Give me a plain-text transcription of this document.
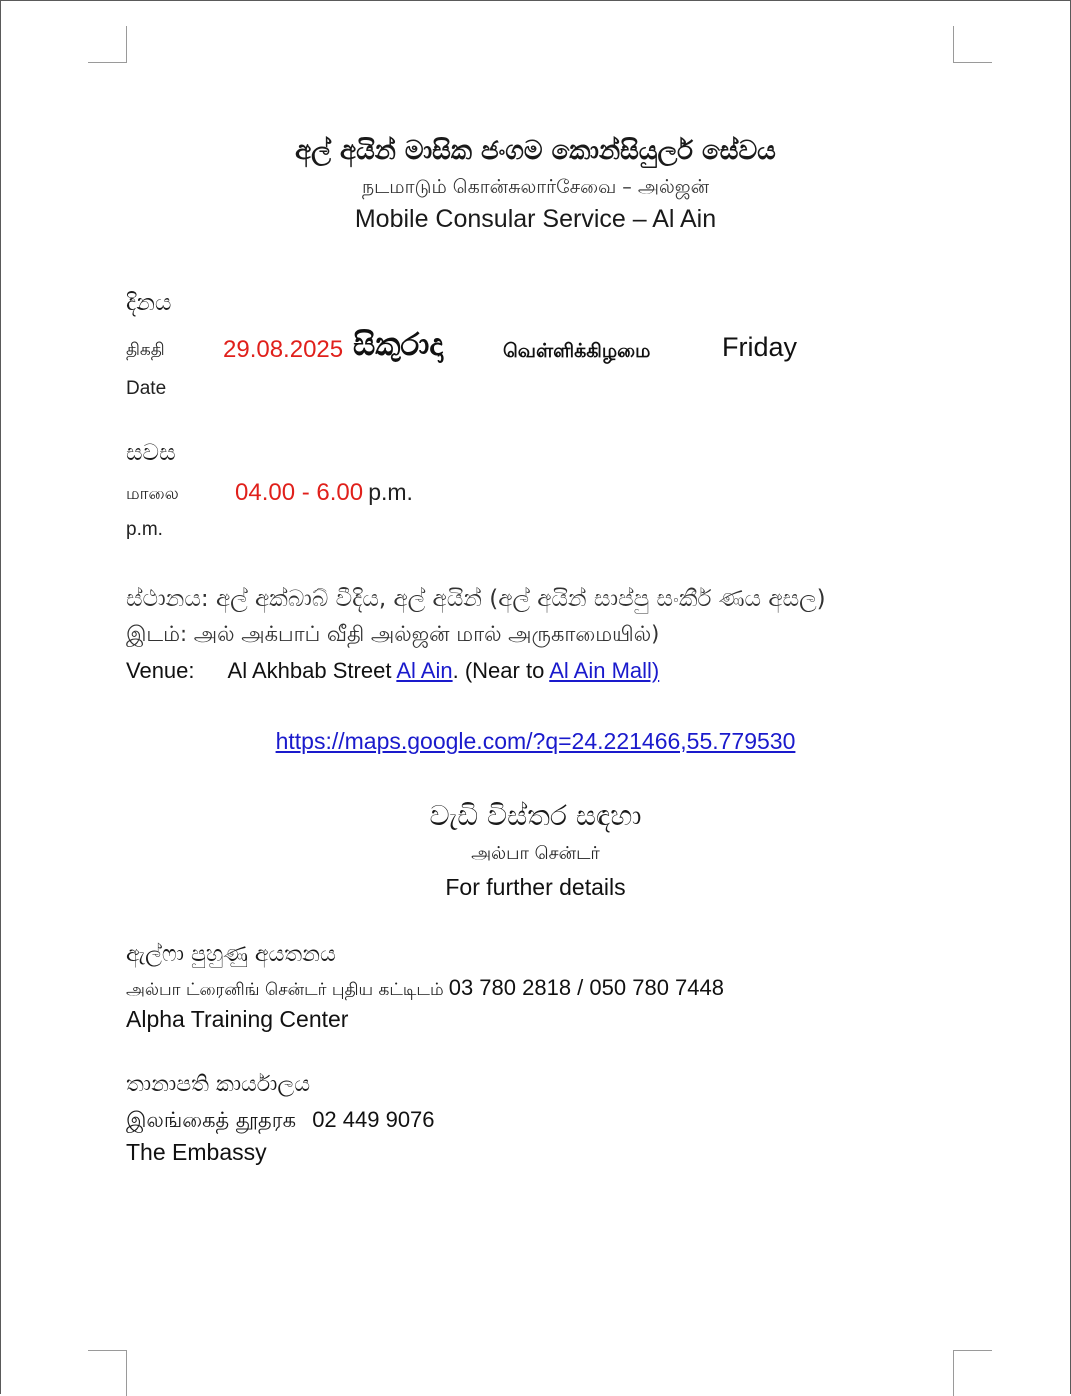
අල් අයින් මාසික ජංගම කොන්සියුලර් සේවය
நடமாடும் கொன்சுலார்சேவை – அல்ஜன்
Mobile Consular Service – Al Ain
දිනය
திகதி 29.08.2025 සිකුරාදා	வெள்ளிக்கிழமை	Friday
Date
සවස
மாலை 04.00 - 6.00 p.m.
p.m.
ස්ථානය: අල් අක්බාබ් වීදිය, අල් අයින් (අල් අයින් සාප්පු සංකීර් ණය අසල)
இடம்: அல் அக்பாப் வீதி அல்ஜன் மால் அருகாமையில்)
Venue: Al Akhbab Street Al Ain. (Near to Al Ain Mall)
https://maps.google.com/?q=24.221466,55.779530
වැඩි විස්තර සඳහා
அல்பா சென்டர்
For further details
ඇල්ෆා පුහුණු අයතනය
அல்பா ட்ரைனிங் சென்டர் புதிய கட்டிடம் 03 780 2818 / 050 780 7448
Alpha Training Center
තානාපති කාර්යාලය
இலங்கைத் தூதரக 02 449 9076
The Embassy
